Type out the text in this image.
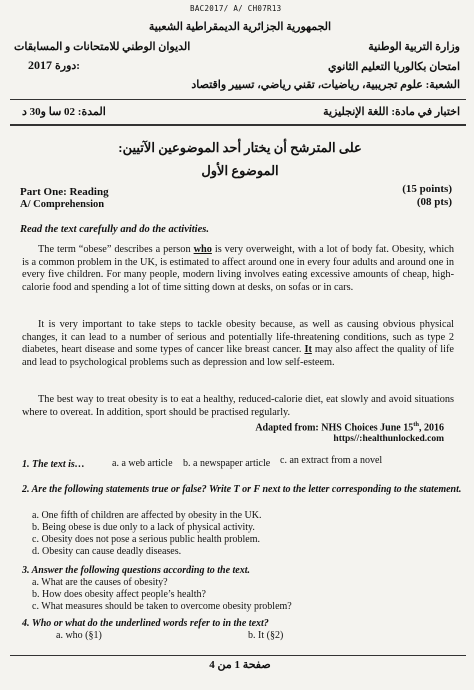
BAC2017/ A/ CH07R13
الجمهورية الجزائرية الديمقراطية الشعبية
وزارة التربية الوطنية
الديوان الوطني للامتحانات و المسابقات
امتحان بكالوريا التعليم الثانوي
2017 دورة:
الشعبة: علوم تجريبية، رياضيات، تقني رياضي، تسيير واقتصاد
اختبار في مادة: اللغة الإنجليزية
المدة: 02 سا و30 د
على المترشح أن يختار أحد الموضوعين الآتيين:
الموضوع الأول
Part One: Reading	(15 points)
A/ Comprehension	(08 pts)
Read the text carefully and do the activities.
The term “obese” describes a person who is very overweight, with a lot of body fat. Obesity, which is a common problem in the UK, is estimated to affect around one in every four adults and around one in every five children. For many people, modern living involves eating excessive amounts of cheap, high-calorie food and spending a lot of time sitting down at desks, on sofas or in cars.
It is very important to take steps to tackle obesity because, as well as causing obvious physical changes, it can lead to a number of serious and potentially life-threatening conditions, such as type 2 diabetes, heart disease and some types of cancer like breast cancer. It may also affect the quality of life and lead to psychological problems such as depression and low self-esteem.
The best way to treat obesity is to eat a healthy, reduced-calorie diet, eat slowly and avoid situations where to overeat. In addition, sport should be practised regularly.
Adapted from: NHS Choices June 15th, 2016
https//:healthunlocked.com
1. The text is…	a. a web article b. a newspaper article c. an extract from a novel
2. Are the following statements true or false? Write T or F next to the letter corresponding to the statement.
a. One fifth of children are affected by obesity in the UK.
b. Being obese is due only to a lack of physical activity.
c. Obesity does not pose a serious public health problem.
d. Obesity can cause deadly diseases.
3. Answer the following questions according to the text.
a. What are the causes of obesity?
b. How does obesity affect people’s health?
c. What measures should be taken to overcome obesity problem?
4. Who or what do the underlined words refer to in the text?
a. who (§1)	b. It (§2)
صفحة 1 من 4
